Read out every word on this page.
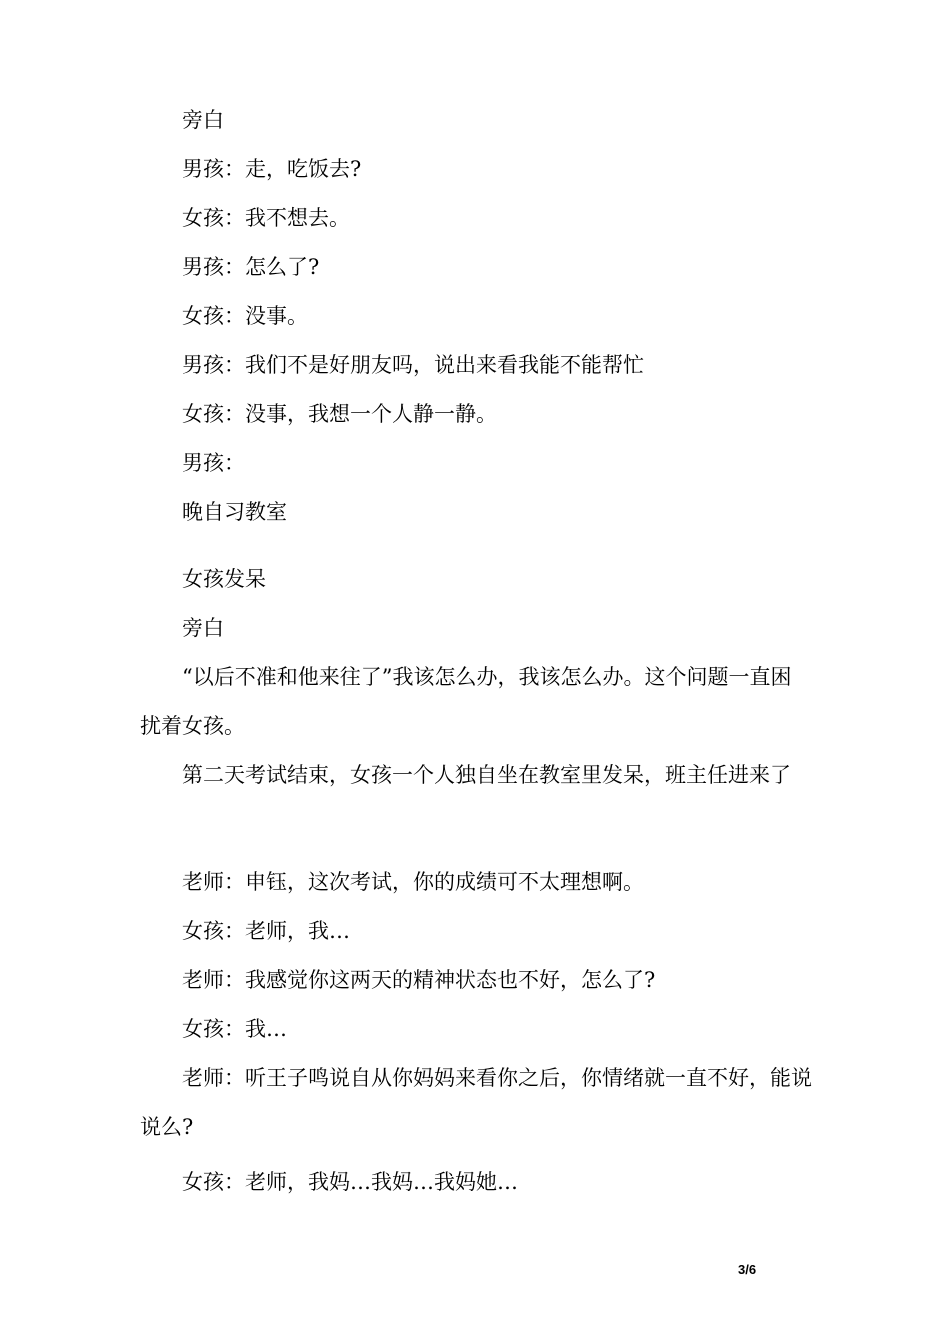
旁白

男孩：走，吃饭去?

女孩：我不想去。

男孩：怎么了?

女孩：没事。

男孩：我们不是好朋友吗，说出来看我能不能帮忙

女孩：没事，我想一个人静一静。

男孩：

晚自习教室

女孩发呆

旁白

“以后不准和他来往了”我该怎么办，我该怎么办。这个问题一直困扰着女孩。

第二天考试结束，女孩一个人独自坐在教室里发呆，班主任进来了

老师：申钰，这次考试，你的成绩可不太理想啊。

女孩：老师，我…

老师：我感觉你这两天的精神状态也不好，怎么了?

女孩：我…

老师：听王子鸣说自从你妈妈来看你之后，你情绪就一直不好，能说说么?

女孩：老师，我妈…我妈…我妈她…

3/6
